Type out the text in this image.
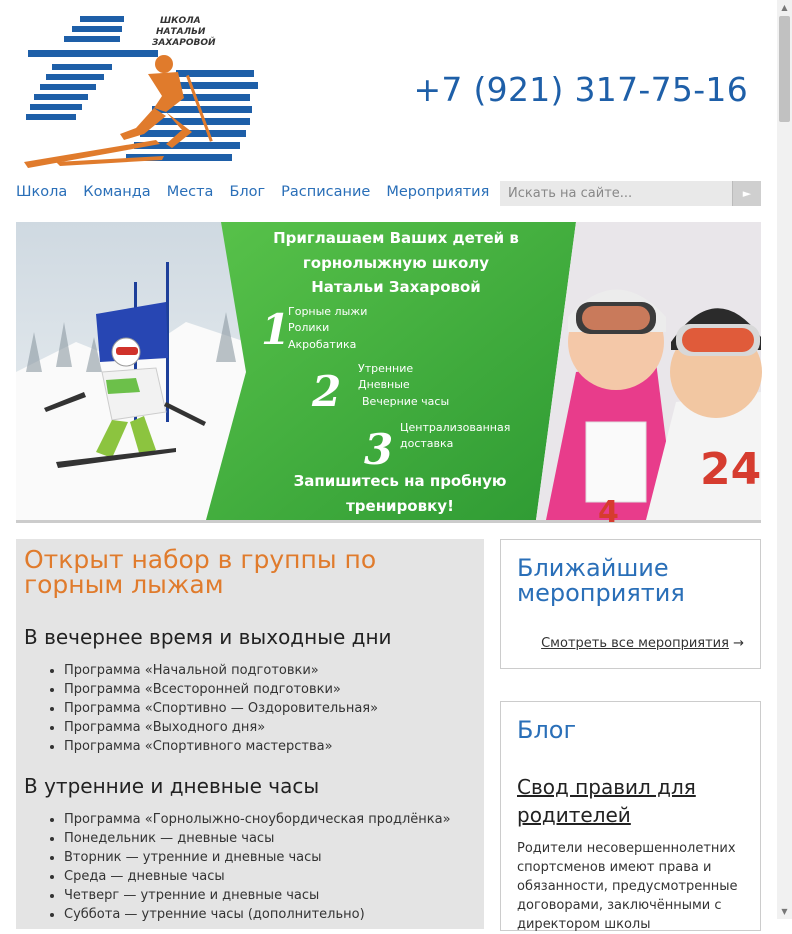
ШКОЛА
НАТАЛЬИ
ЗАХАРОВОЙ
+7 (921) 317-75-16
Школа Команда Места Блог Расписание Мероприятия	Искать на сайте...	►
24
4
Приглашаем Ваших детей в
горнолыжную школу
Натальи Захаровой
1
2
3
Горные лыжи
Ролики
Акробатика
Утренние
Дневные
Вечерние часы
Централизованная
доставка
Запишитесь на пробную
тренировку!
Открыт набор в группы по горным лыжам
В вечернее время и выходные дни
• Программа «Начальной подготовки»
• Программа «Всесторонней подготовки»
• Программа «Спортивно — Оздоровительная»
• Программа «Выходного дня»
• Программа «Спортивного мастерства»
В утренние и дневные часы
• Программа «Горнолыжно-сноубордическая продлёнка»
• Понедельник — дневные часы
• Вторник — утренние и дневные часы
• Среда — дневные часы
• Четверг — утренние и дневные часы
• Суббота — утренние часы (дополнительно)
Ближайшие мероприятия
Смотреть все мероприятия →
Блог
Свод правил для родителей
Родители несовершеннолетних спортсменов имеют права и обязанности, предусмотренные договорами, заключёнными с директором школы
▲
▼
